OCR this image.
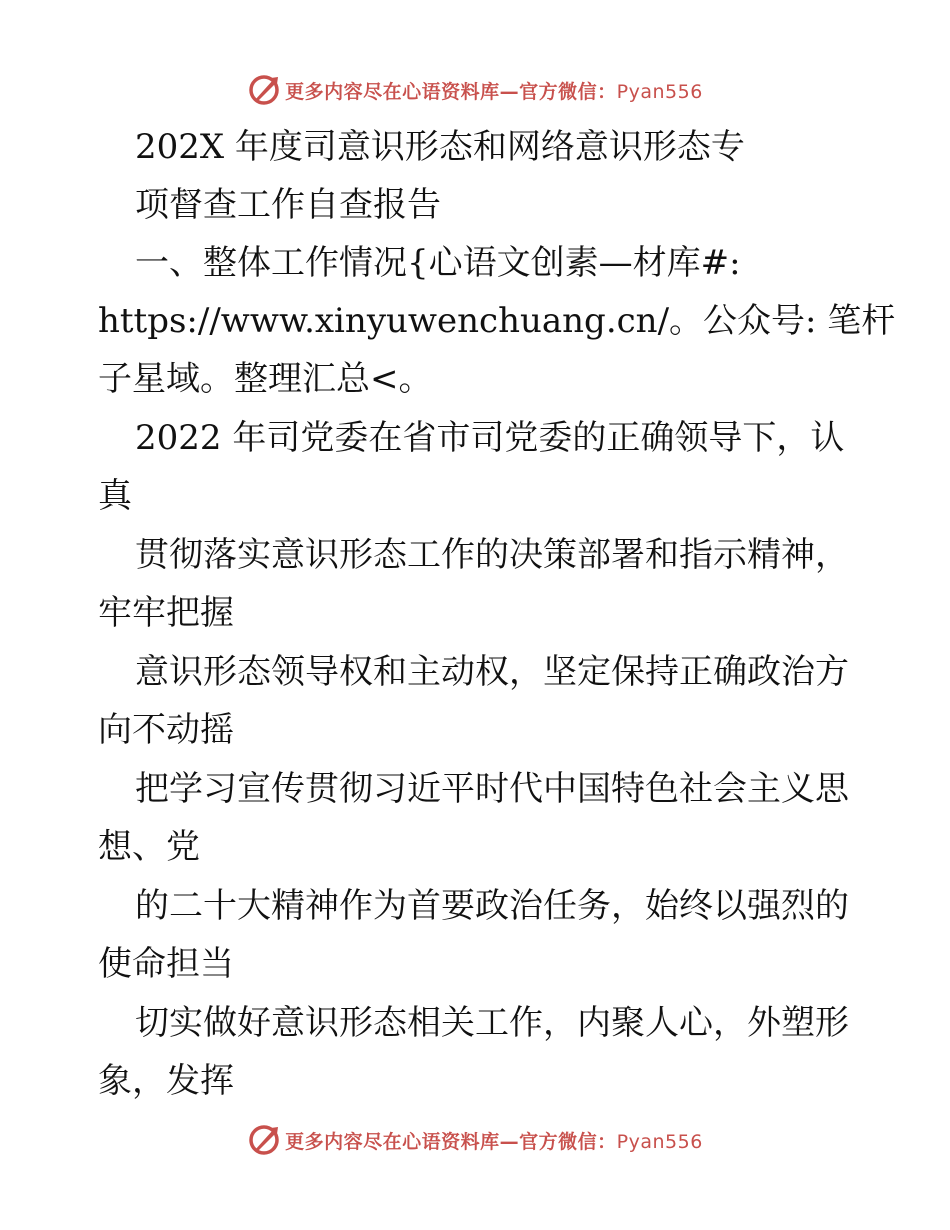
更多内容尽在心语资料库—官方微信：Pyan556
202X 年度司意识形态和网络意识形态专
项督查工作自查报告
一、整体工作情况{心语文创素—材库#:
https://www.xinyuwenchuang.cn/。公众号: 笔杆
子星域。整理汇总<。
2022 年司党委在省市司党委的正确领导下，认
真
贯彻落实意识形态工作的决策部署和指示精神，
牢牢把握
意识形态领导权和主动权，坚定保持正确政治方
向不动摇
把学习宣传贯彻习近平时代中国特色社会主义思
想、党
的二十大精神作为首要政治任务，始终以强烈的
使命担当
切实做好意识形态相关工作，内聚人心，外塑形
象，发挥
更多内容尽在心语资料库—官方微信：Pyan556
